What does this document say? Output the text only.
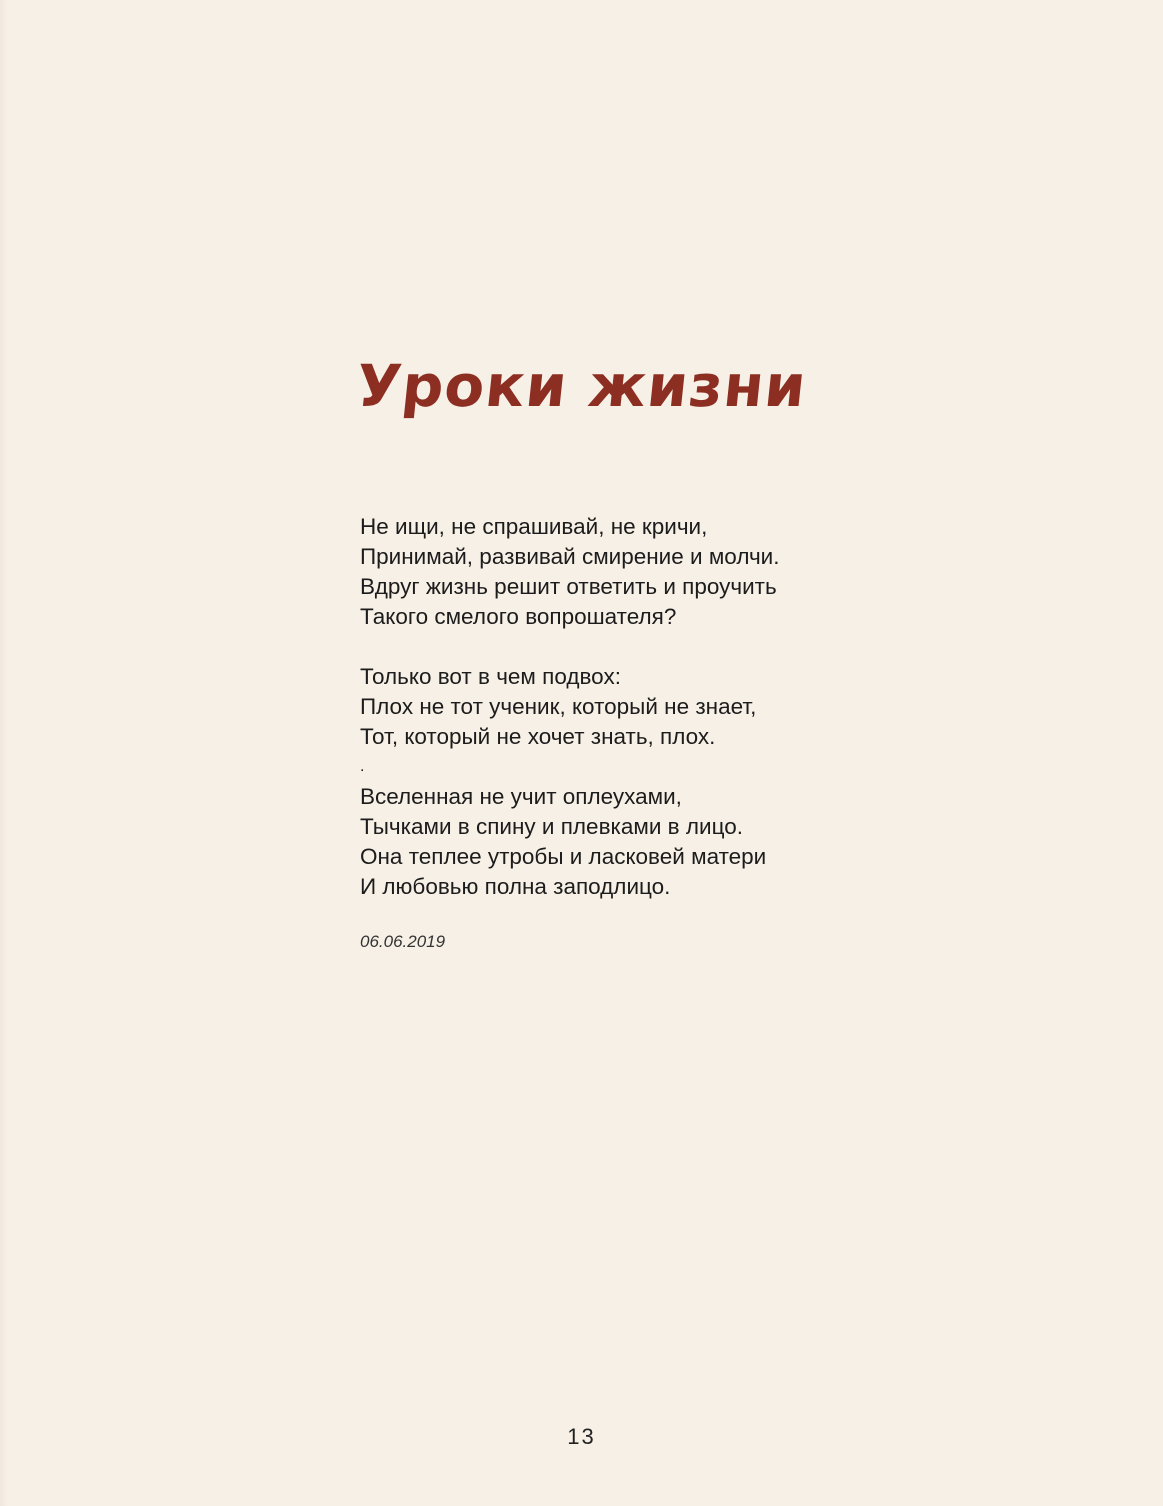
Уроки жизни
Не ищи, не спрашивай, не кричи,
Принимай, развивай смирение и молчи.
Вдруг жизнь решит ответить и проучить
Такого смелого вопрошателя?
Только вот в чем подвох:
Плох не тот ученик, который не знает,
Тот, который не хочет знать, плох.
.
Вселенная не учит оплеухами,
Тычками в спину и плевками в лицо.
Она теплее утробы и ласковей матери
И любовью полна заподлицо.
06.06.2019
13
